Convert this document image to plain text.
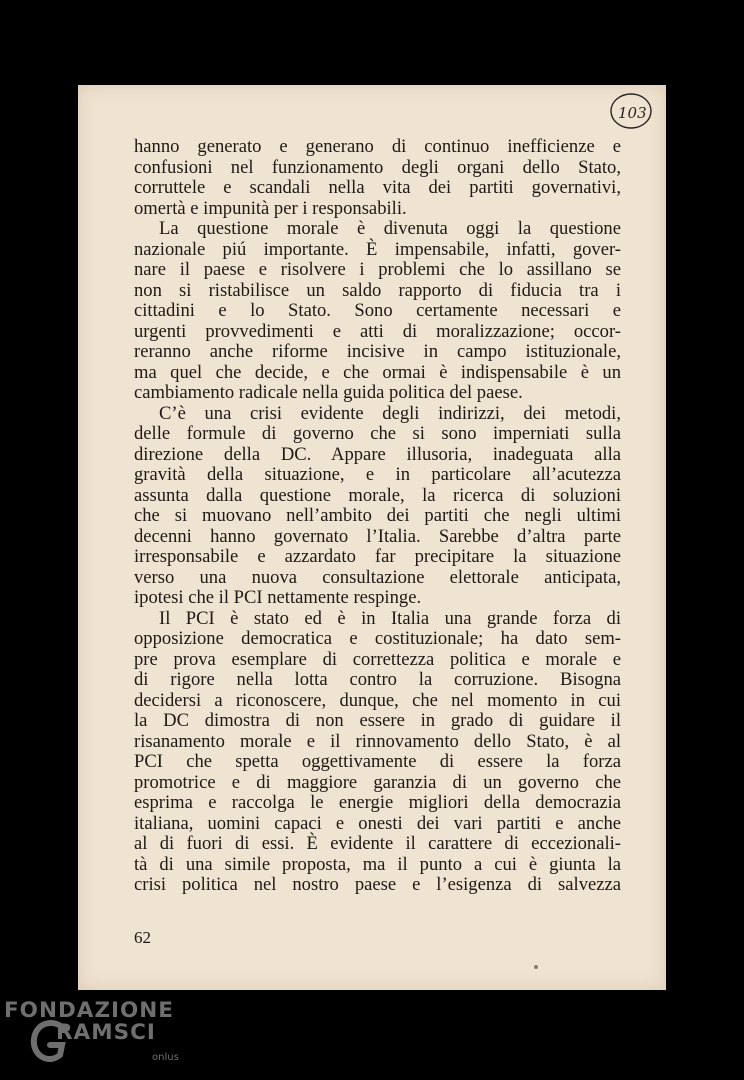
103
hanno generato e generano di continuo inefficienze e
confusioni nel funzionamento degli organi dello Stato,
corruttele e scandali nella vita dei partiti governativi,
omertà e impunità per i responsabili.
La questione morale è divenuta oggi la questione
nazionale piú importante. È impensabile, infatti, gover-
nare il paese e risolvere i problemi che lo assillano se
non si ristabilisce un saldo rapporto di fiducia tra i
cittadini e lo Stato. Sono certamente necessari e
urgenti provvedimenti e atti di moralizzazione; occor-
reranno anche riforme incisive in campo istituzionale,
ma quel che decide, e che ormai è indispensabile è un
cambiamento radicale nella guida politica del paese.
C’è una crisi evidente degli indirizzi, dei metodi,
delle formule di governo che si sono imperniati sulla
direzione della DC. Appare illusoria, inadeguata alla
gravità della situazione, e in particolare all’acutezza
assunta dalla questione morale, la ricerca di soluzioni
che si muovano nell’ambito dei partiti che negli ultimi
decenni hanno governato l’Italia. Sarebbe d’altra parte
irresponsabile e azzardato far precipitare la situazione
verso una nuova consultazione elettorale anticipata,
ipotesi che il PCI nettamente respinge.
Il PCI è stato ed è in Italia una grande forza di
opposizione democratica e costituzionale; ha dato sem-
pre prova esemplare di correttezza politica e morale e
di rigore nella lotta contro la corruzione. Bisogna
decidersi a riconoscere, dunque, che nel momento in cui
la DC dimostra di non essere in grado di guidare il
risanamento morale e il rinnovamento dello Stato, è al
PCI che spetta oggettivamente di essere la forza
promotrice e di maggiore garanzia di un governo che
esprima e raccolga le energie migliori della democrazia
italiana, uomini capaci e onesti dei vari partiti e anche
al di fuori di essi. È evidente il carattere di eccezionali-
tà di una simile proposta, ma il punto a cui è giunta la
crisi politica nel nostro paese e l’esigenza di salvezza
62
FONDAZIONE
RAMSCI
onlus
